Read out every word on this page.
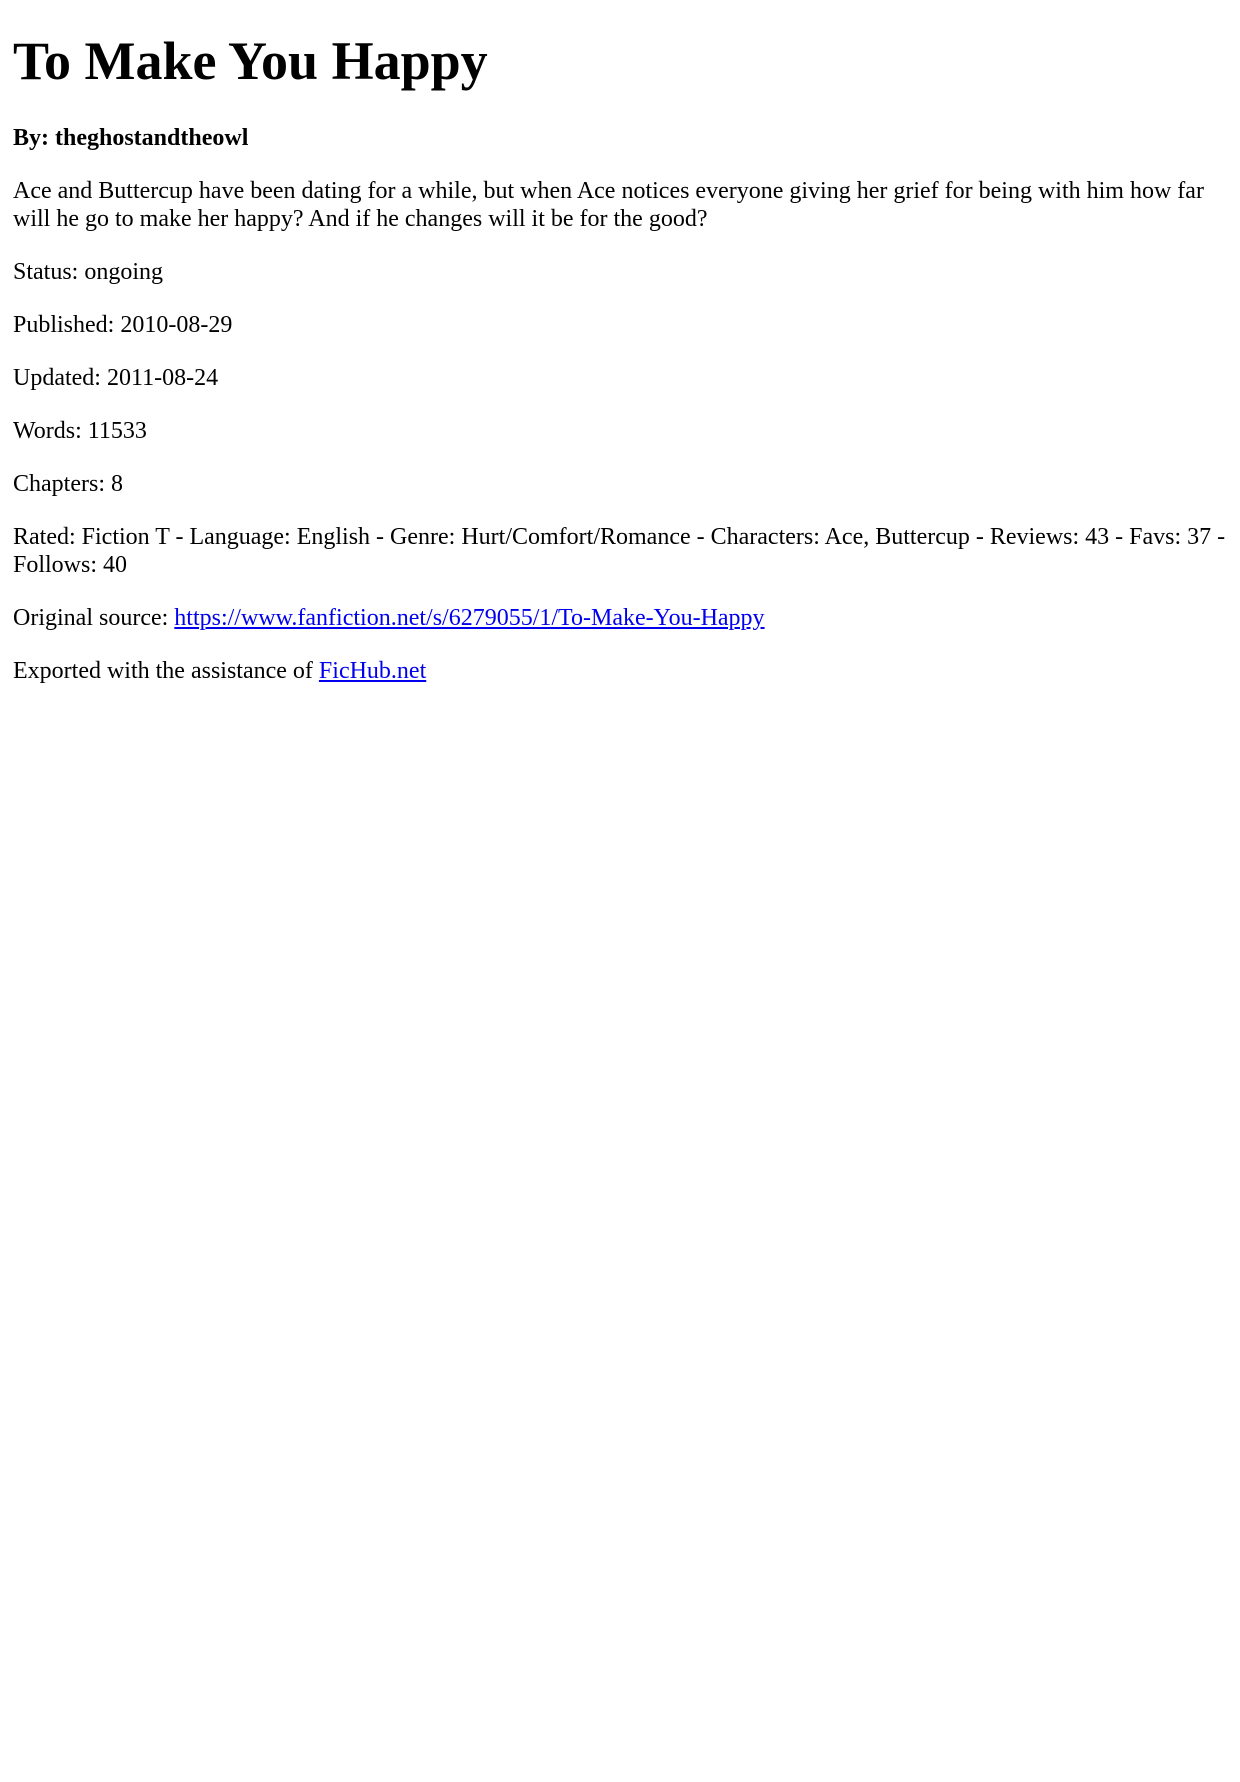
To Make You Happy

By: theghostandtheowl

Ace and Buttercup have been dating for a while, but when Ace notices everyone giving her grief for being with him how far will he go to make her happy? And if he changes will it be for the good?

Status: ongoing

Published: 2010-08-29

Updated: 2011-08-24

Words: 11533

Chapters: 8

Rated: Fiction T - Language: English - Genre: Hurt/Comfort/Romance - Characters: Ace, Buttercup - Reviews: 43 - Favs: 37 - Follows: 40

Original source: https://www.fanfiction.net/s/6279055/1/To-Make-You-Happy

Exported with the assistance of FicHub.net
